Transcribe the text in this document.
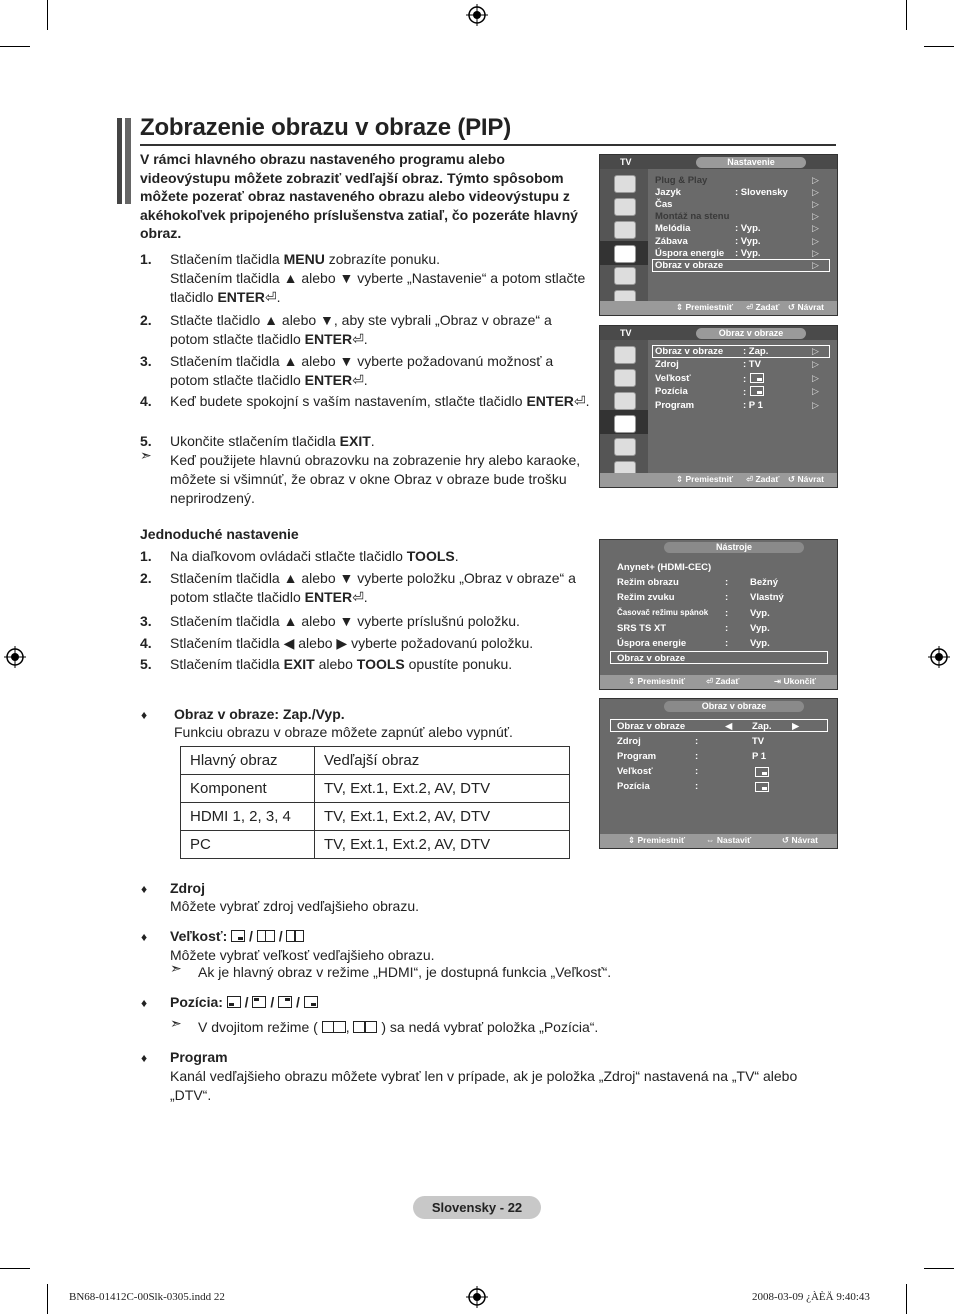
Zobrazenie obrazu v obraze (PIP)
V rámci hlavného obrazu nastaveného programu alebo videovýstupu môžete zobraziť vedľajší obraz. Týmto spôsobom môžete pozerať obraz nastaveného obrazu alebo videovýstupu z akéhokoľvek pripojeného príslušenstva zatiaľ, čo pozeráte hlavný obraz.
1. Stlačením tlačidla MENU zobrazíte ponuku.
Stlačením tlačidla ▲ alebo ▼ vyberte „Nastavenie“ a potom stlačte tlačidlo ENTER⏎.
2. Stlačte tlačidlo ▲ alebo ▼, aby ste vybrali „Obraz v obraze“ a potom stlačte tlačidlo ENTER⏎.
3. Stlačením tlačidla ▲ alebo ▼ vyberte požadovanú možnosť a potom stlačte tlačidlo ENTER⏎.
4. Keď budete spokojní s vaším nastavením, stlačte tlačidlo ENTER⏎.
5. Ukončite stlačením tlačidla EXIT.
➣ Keď použijete hlavnú obrazovku na zobrazenie hry alebo karaoke, môžete si všimnúť, že obraz v okne Obraz v obraze bude trošku neprirodzený.
Jednoduché nastavenie
1. Na diaľkovom ovládači stlačte tlačidlo TOOLS.
2. Stlačením tlačidla ▲ alebo ▼ vyberte položku „Obraz v obraze“ a potom stlačte tlačidlo ENTER⏎.
3. Stlačením tlačidla ▲ alebo ▼ vyberte príslušnú položku.
4. Stlačením tlačidla ◀ alebo ▶ vyberte požadovanú položku.
5. Stlačením tlačidla EXIT alebo TOOLS opustíte ponuku.
♦ Obraz v obraze: Zap./Vyp.
Funkciu obrazu v obraze môžete zapnúť alebo vypnúť.
Hlavný obraz	Vedľajší obraz
Komponent	TV, Ext.1, Ext.2, AV, DTV
HDMI 1, 2, 3, 4	TV, Ext.1, Ext.2, AV, DTV
PC	TV, Ext.1, Ext.2, AV, DTV
♦ Zdroj
Môžete vybrať zdroj vedľajšieho obrazu.
♦ Veľkosť:
/
/
Môžete vybrať veľkosť vedľajšieho obrazu.
➣ Ak je hlavný obraz v režime „HDMI“, je dostupná funkcia „Veľkosť“.
♦ Pozícia:
/
/
/
➣ V dvojitom režime ( , ) sa nedá vybrať položka „Pozícia“.
♦ Program
Kanál vedľajšieho obrazu môžete vybrať len v prípade, ak je položka „Zdroj“ nastavená na „TV“ alebo „DTV“.
Slovensky - 22
BN68-01412C-00Slk-0305.indd 22	2008-03-09 ¿ÀÈÄ 9:40:43
TV	Nastavenie
Plug & Play	▷
Jazyk	: Slovensky	▷
Čas	▷
Montáž na stenu	▷
Melódia	: Vyp.	▷
Zábava	: Vyp.	▷
Úspora energie : Vyp.	▷
Obraz v obraze	▷
⇕ Premiestniť ⏎ Zadať ↺ Návrat
TV	Obraz v obraze
Obraz v obraze : Zap.	▷
Zdroj	: TV	▷
Veľkosť	:	▷
Pozícia	:	▷
Program	: P 1	▷
⇕ Premiestniť ⏎ Zadať ↺ Návrat
Nástroje
Anynet+ (HDMI-CEC)
Režim obrazu	: Bežný
Režim zvuku	: Vlastný
Časovač režimu spánok : Vyp.
SRS TS XT	: Vyp.
Úspora energie	: Vyp.
Obraz v obraze
⇕ Premiestniť ⏎ Zadať	⇥ Ukončiť
Obraz v obraze
Obraz v obraze	◀	▶
Zap.
Zdroj	:	TV
Program	:	P 1
Veľkosť	:
Pozícia	:
⇕ Premiestniť ⇔ Nastaviť	↺ Návrat
